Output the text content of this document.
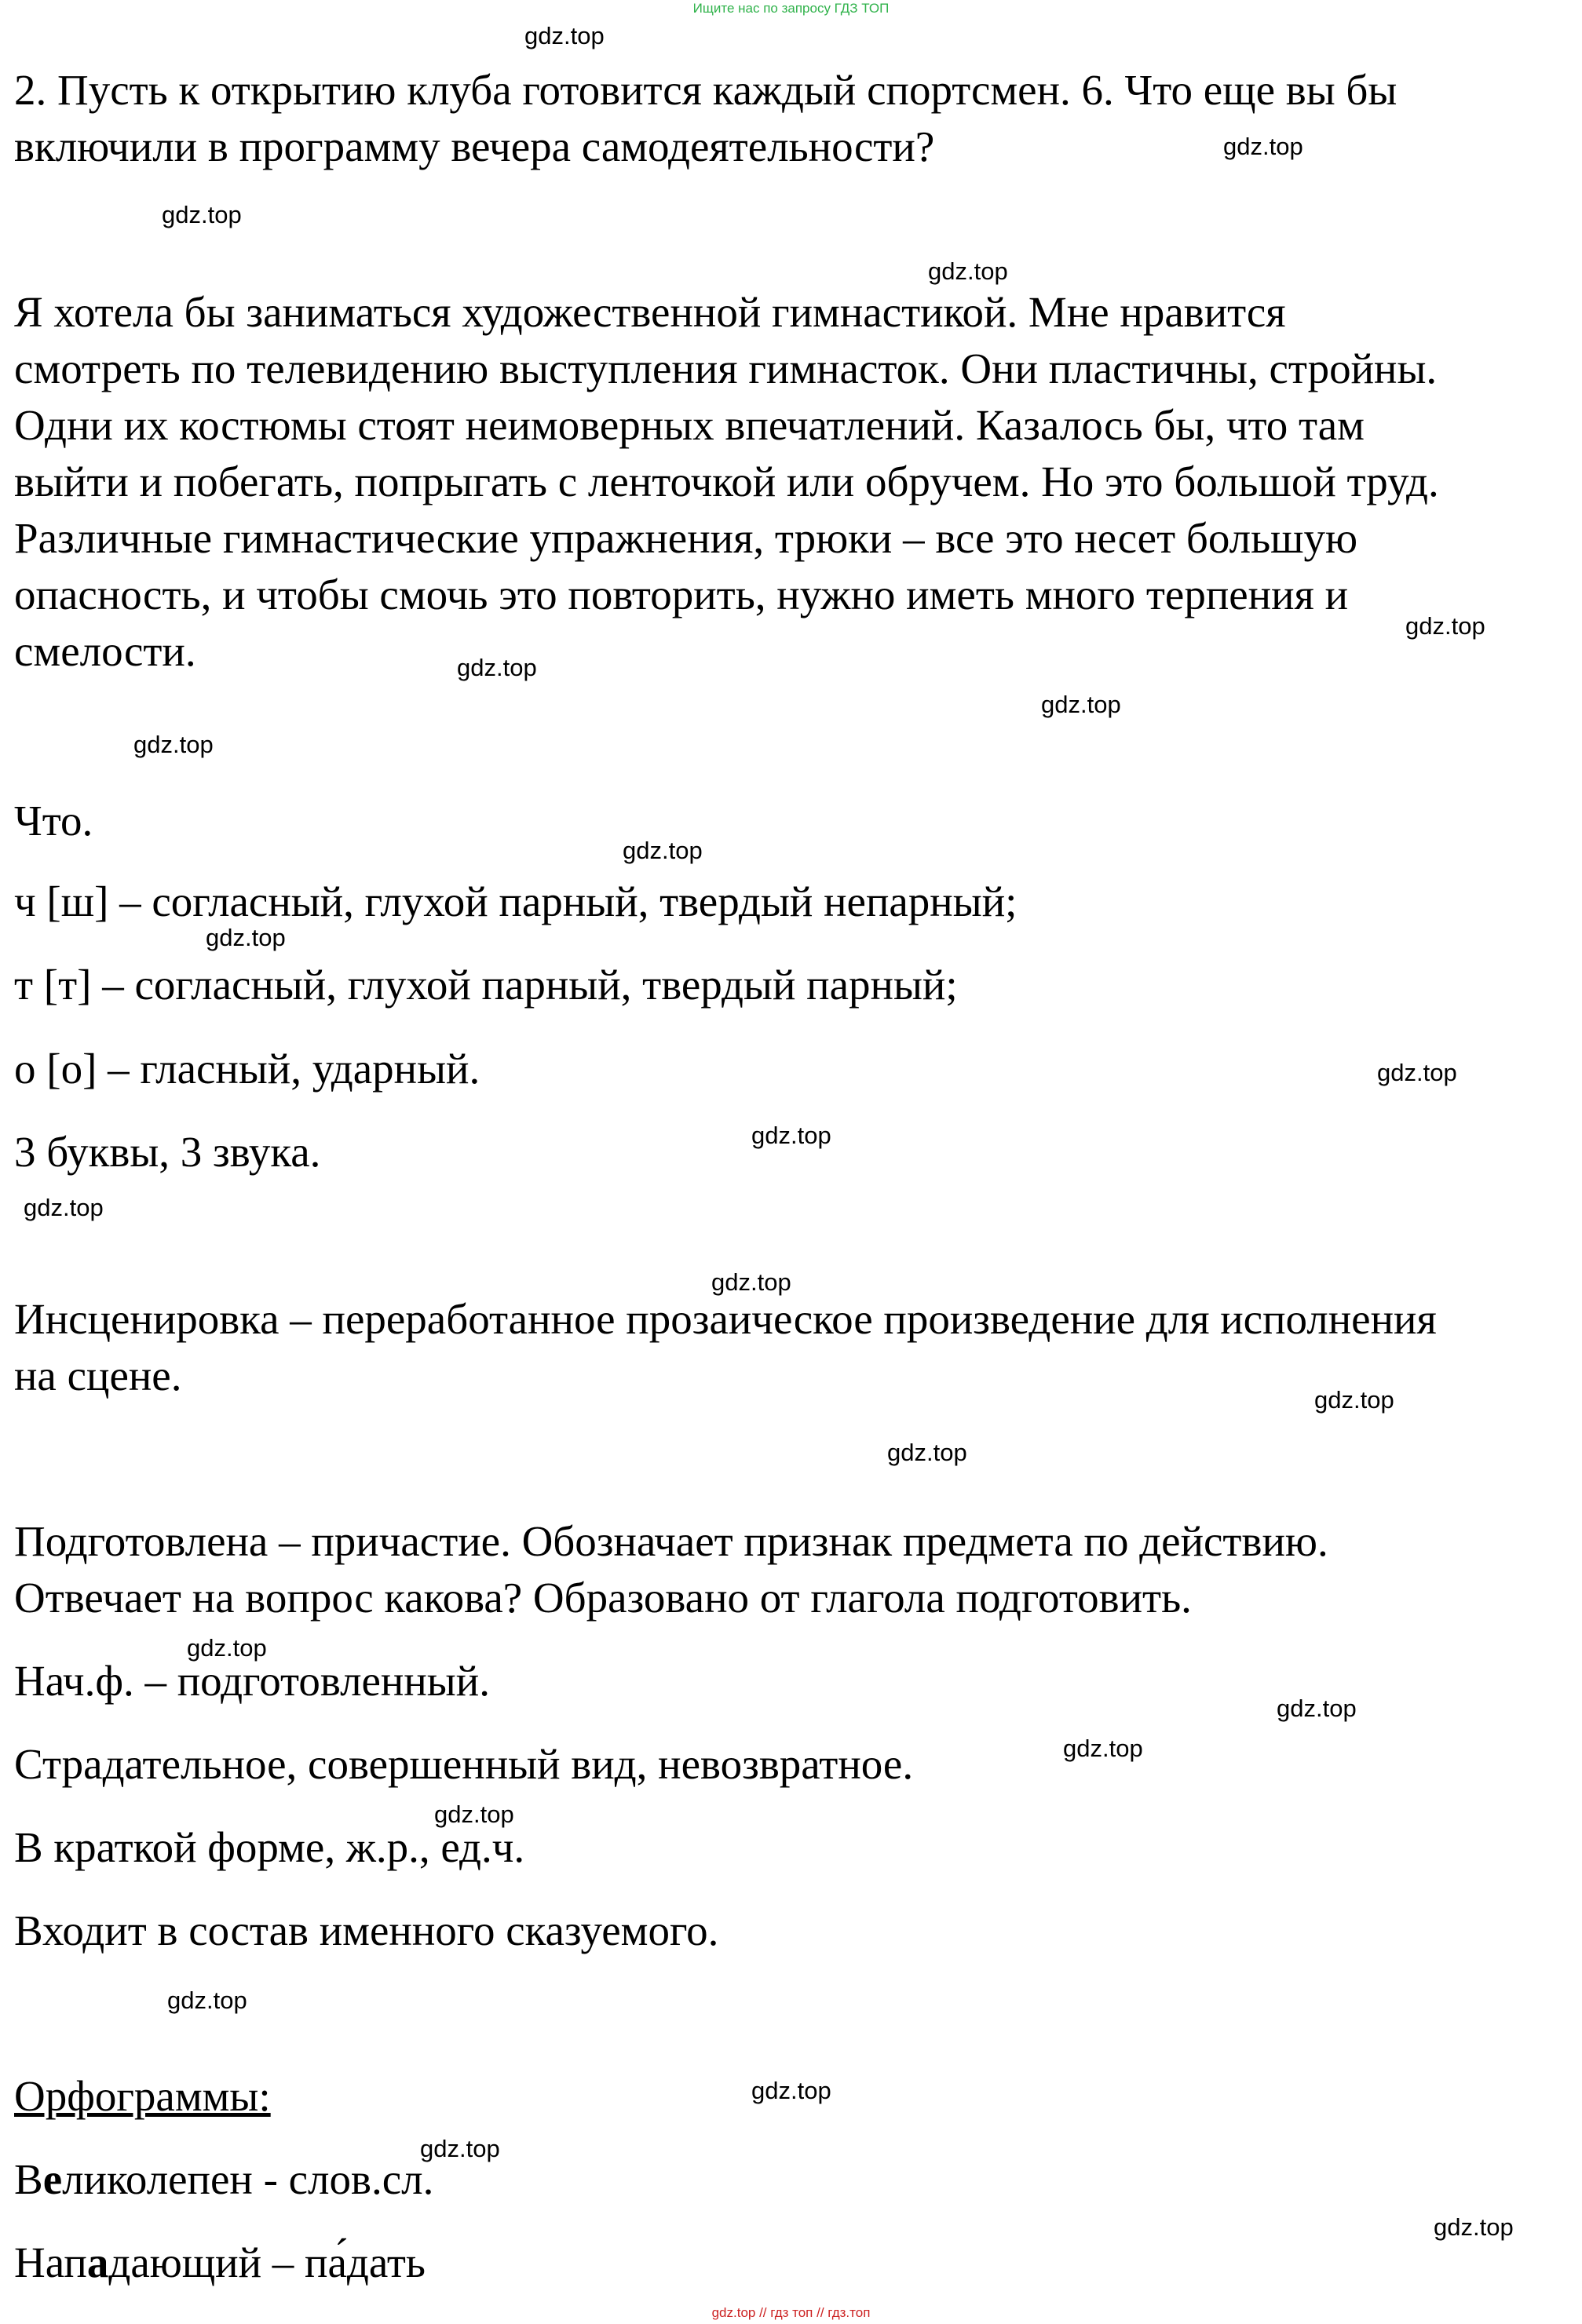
Ищите нас по запросу ГДЗ ТОП
2. Пусть к открытию клуба готовится каждый спортсмен. 6. Что еще вы бы
включили в программу вечера самодеятельности?
Я хотела бы заниматься художественной гимнастикой. Мне нравится
смотреть по телевидению выступления гимнасток. Они пластичны, стройны.
Одни их костюмы стоят неимоверных впечатлений. Казалось бы, что там
выйти и побегать, попрыгать с ленточкой или обручем. Но это большой труд.
Различные гимнастические упражнения, трюки – все это несет большую
опасность, и чтобы смочь это повторить, нужно иметь много терпения и
смелости.
Что.
ч [ш] – согласный, глухой парный, твердый непарный;
т [т] – согласный, глухой парный, твердый парный;
о [о] – гласный, ударный.
3 буквы, 3 звука.
Инсценировка – переработанное прозаическое произведение для исполнения
на сцене.
Подготовлена – причастие. Обозначает признак предмета по действию.
Отвечает на вопрос какова? Образовано от глагола подготовить.
Нач.ф. – подготовленный.
Страдательное, совершенный вид, невозвратное.
В краткой форме, ж.р., ед.ч.
Входит в состав именного сказуемого.
Орфограммы:
Великолепен - слов.сл.
Нападающий – па́дать
gdz.top
gdz.top
gdz.top
gdz.top
gdz.top
gdz.top
gdz.top
gdz.top
gdz.top
gdz.top
gdz.top
gdz.top
gdz.top
gdz.top
gdz.top
gdz.top
gdz.top
gdz.top
gdz.top
gdz.top
gdz.top
gdz.top
gdz.top
gdz.top
gdz.top // гдз топ // гдз.топ
